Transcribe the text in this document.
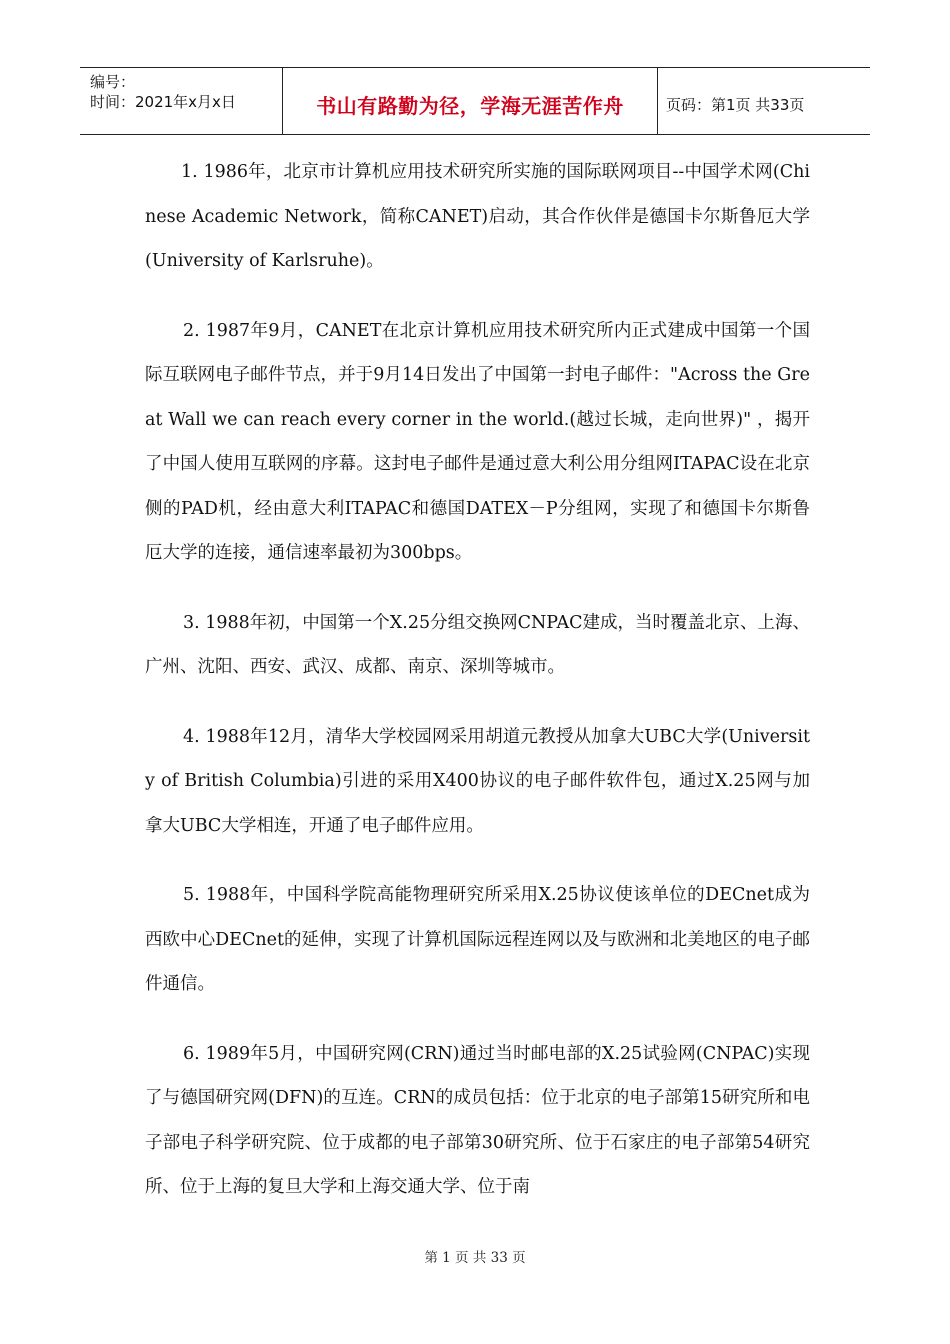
编号：
时间：2021年x月x日	书山有路勤为径，学海无涯苦作舟	页码：第1页 共33页

1. 1986年，北京市计算机应用技术研究所实施的国际联网项目--中国学术网(Chinese Academic Network，简称CANET)启动，其合作伙伴是德国卡尔斯鲁厄大学(University of Karlsruhe)。

2. 1987年9月，CANET在北京计算机应用技术研究所内正式建成中国第一个国际互联网电子邮件节点，并于9月14日发出了中国第一封电子邮件："Across the Great Wall we can reach every corner in the world.(越过长城，走向世界)" ，揭开了中国人使用互联网的序幕。这封电子邮件是通过意大利公用分组网ITAPAC设在北京侧的PAD机，经由意大利ITAPAC和德国DATEX－P分组网，实现了和德国卡尔斯鲁厄大学的连接，通信速率最初为300bps。

3. 1988年初，中国第一个X.25分组交换网CNPAC建成，当时覆盖北京、上海、广州、沈阳、西安、武汉、成都、南京、深圳等城市。

4. 1988年12月，清华大学校园网采用胡道元教授从加拿大UBC大学(University of British Columbia)引进的采用X400协议的电子邮件软件包，通过X.25网与加拿大UBC大学相连，开通了电子邮件应用。

5. 1988年，中国科学院高能物理研究所采用X.25协议使该单位的DECnet成为西欧中心DECnet的延伸，实现了计算机国际远程连网以及与欧洲和北美地区的电子邮件通信。

6. 1989年5月，中国研究网(CRN)通过当时邮电部的X.25试验网(CNPAC)实现了与德国研究网(DFN)的互连。CRN的成员包括：位于北京的电子部第15研究所和电子部电子科学研究院、位于成都的电子部第30研究所、位于石家庄的电子部第54研究所、位于上海的复旦大学和上海交通大学、位于南

第 1 页 共 33 页
